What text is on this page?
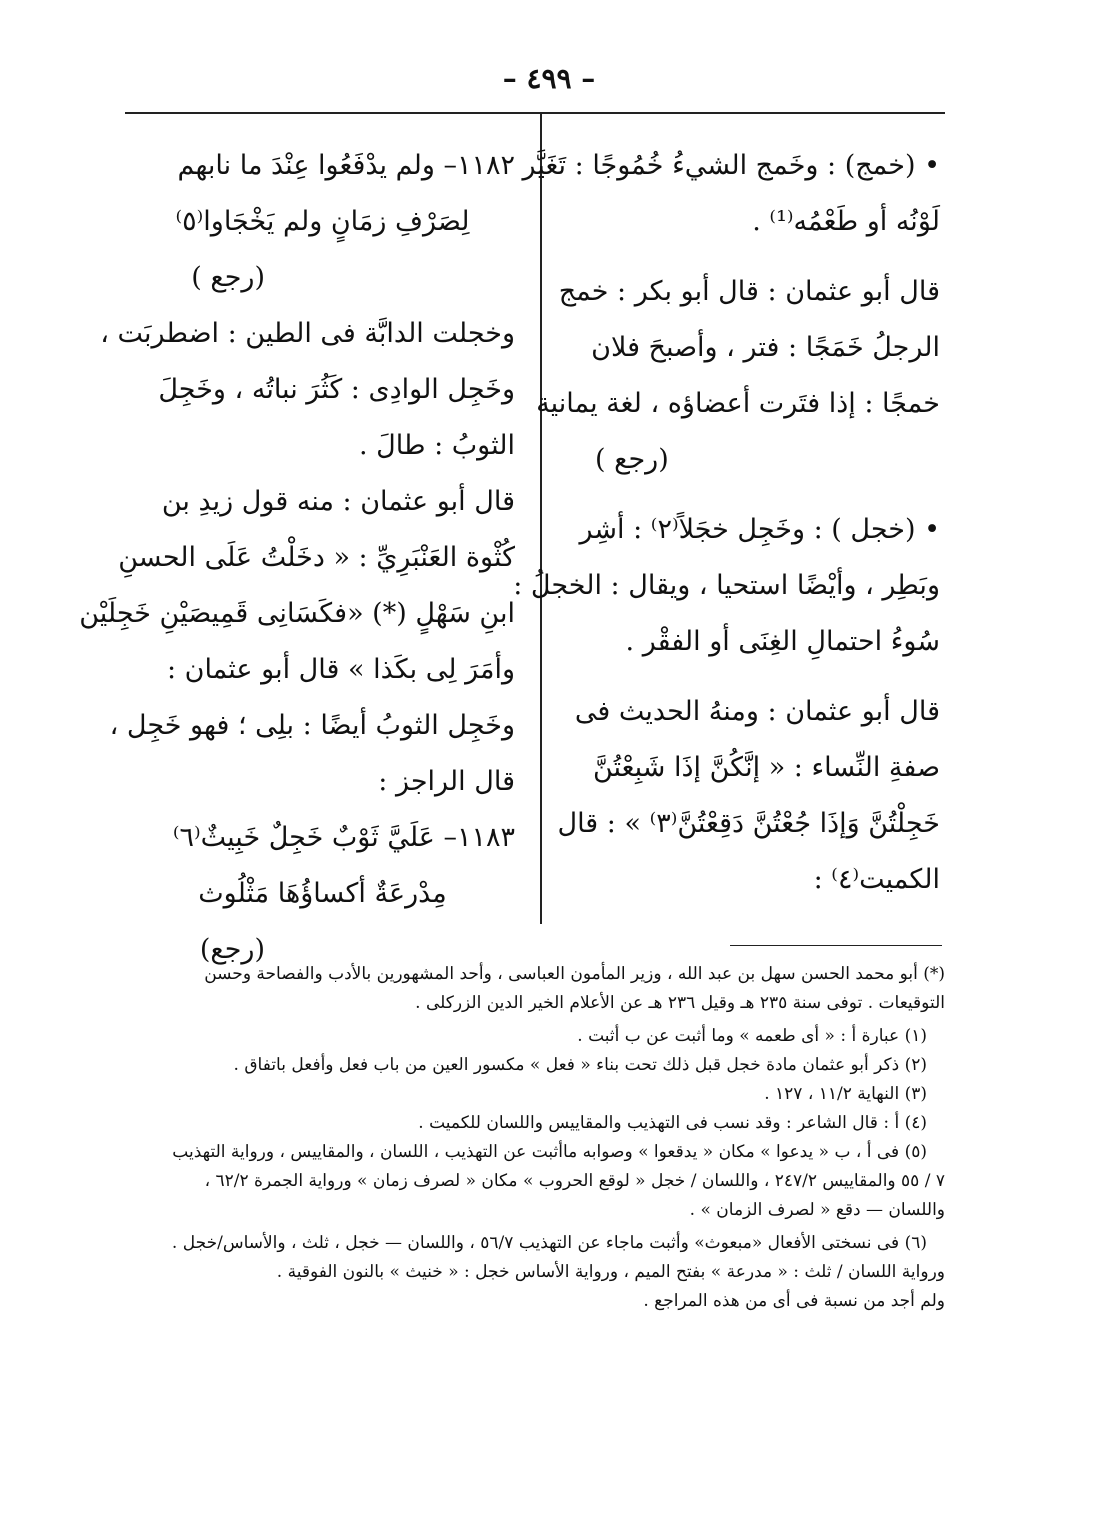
– ٤٩٩ –
• (خمج) : وخَمج الشيءُ خُمُوجًا : تَغَيَّر
لَوْنُه أو طَعْمُه⁽¹⁾ .
قال أبو عثمان : قال أبو بكر : خمج
الرجلُ خَمَجًا : فتر ، وأصبحَ فلان
خمجًا : إذا فتَرت أعضاؤه ، لغة يمانية
(رجع )
• (خجل ) : وخَجِل خجَلاً⁽٢⁾ : أشِر
وبَطِر ، وأيْضًا استحيا ، ويقال : الخجلُ :
سُوءُ احتمالِ الغِنَى أو الفقْر .
قال أبو عثمان : ومنهُ الحديث فى
صفةِ النِّساء : « إنَّكُنَّ إذَا شَبِعْتُنَّ
خَجِلْتُنَّ وَإذَا جُعْتُنَّ دَقِعْتُنَّ⁽٣⁾ » : قال
الكميت⁽٤⁾ :
١١٨٢– ولم يدْفَعُوا عِنْدَ ما نابهم
لِصَرْفِ زمَانٍ ولم يَخْجَاوا⁽٥⁾
(رجع )
وخجلت الدابَّة فى الطين : اضطربَت ،
وخَجِل الوادِى : كَثُرَ نباتُه ، وخَجِلَ
الثوبُ : طالَ .
قال أبو عثمان : منه قول زيدِ بن
كُثْوة العَنْبَرِيِّ : « دخَلْتُ عَلَى الحسنِ
ابنِ سَهْلٍ (*) «فكَسَانِى قَمِيصَيْنِ خَجِلَيْن
وأمَرَ لِى بكَذا » قال أبو عثمان :
وخَجِل الثوبُ أيضًا : بلِى ؛ فهو خَجِل ،
قال الراجز :
١١٨٣– عَلَيَّ ثَوْبٌ خَجِلٌ خَبِيثٌ⁽٦⁾
مِدْرعَةٌ أكساؤُهَا مَثْلُوث
(رجع)
(*) أبو محمد الحسن سهل بن عبد الله ، وزير المأمون العباسى ، وأحد المشهورين بالأدب والفصاحة وحسن
التوقيعات . توفى سنة ٢٣٥ هـ وقيل ٢٣٦ هـ عن الأعلام الخير الدين الزركلى .
(١) عبارة أ : « أى طعمه » وما أثبت عن ب أثبت .
(٢) ذكر أبو عثمان مادة خجل قبل ذلك تحت بناء « فعل » مكسور العين من باب فعل وأفعل باتفاق .
(٣) النهاية ١١/٢ ، ١٢٧ .
(٤) أ : قال الشاعر : وقد نسب فى التهذيب والمقاييس واللسان للكميت .
(٥) فى أ ، ب « يدعوا » مكان « يدقعوا » وصوابه ماأثبت عن التهذيب ، اللسان ، والمقاييس ، ورواية التهذيب
٧ / ٥٥ والمقاييس ٢٤٧/٢ ، واللسان / خجل « لوقع الحروب » مكان « لصرف زمان » ورواية الجمرة ٦٢/٢ ،
واللسان — دقع « لصرف الزمان » .
(٦) فى نسختى الأفعال «مبعوث» وأثبت ماجاء عن التهذيب ٥٦/٧ ، واللسان — خجل ، ثلث ، والأساس/خجل .
ورواية اللسان / ثلث : « مدرعة » بفتح الميم ، ورواية الأساس خجل : « خنيث » بالنون الفوقية .
ولم أجد من نسبة فى أى من هذه المراجع .
